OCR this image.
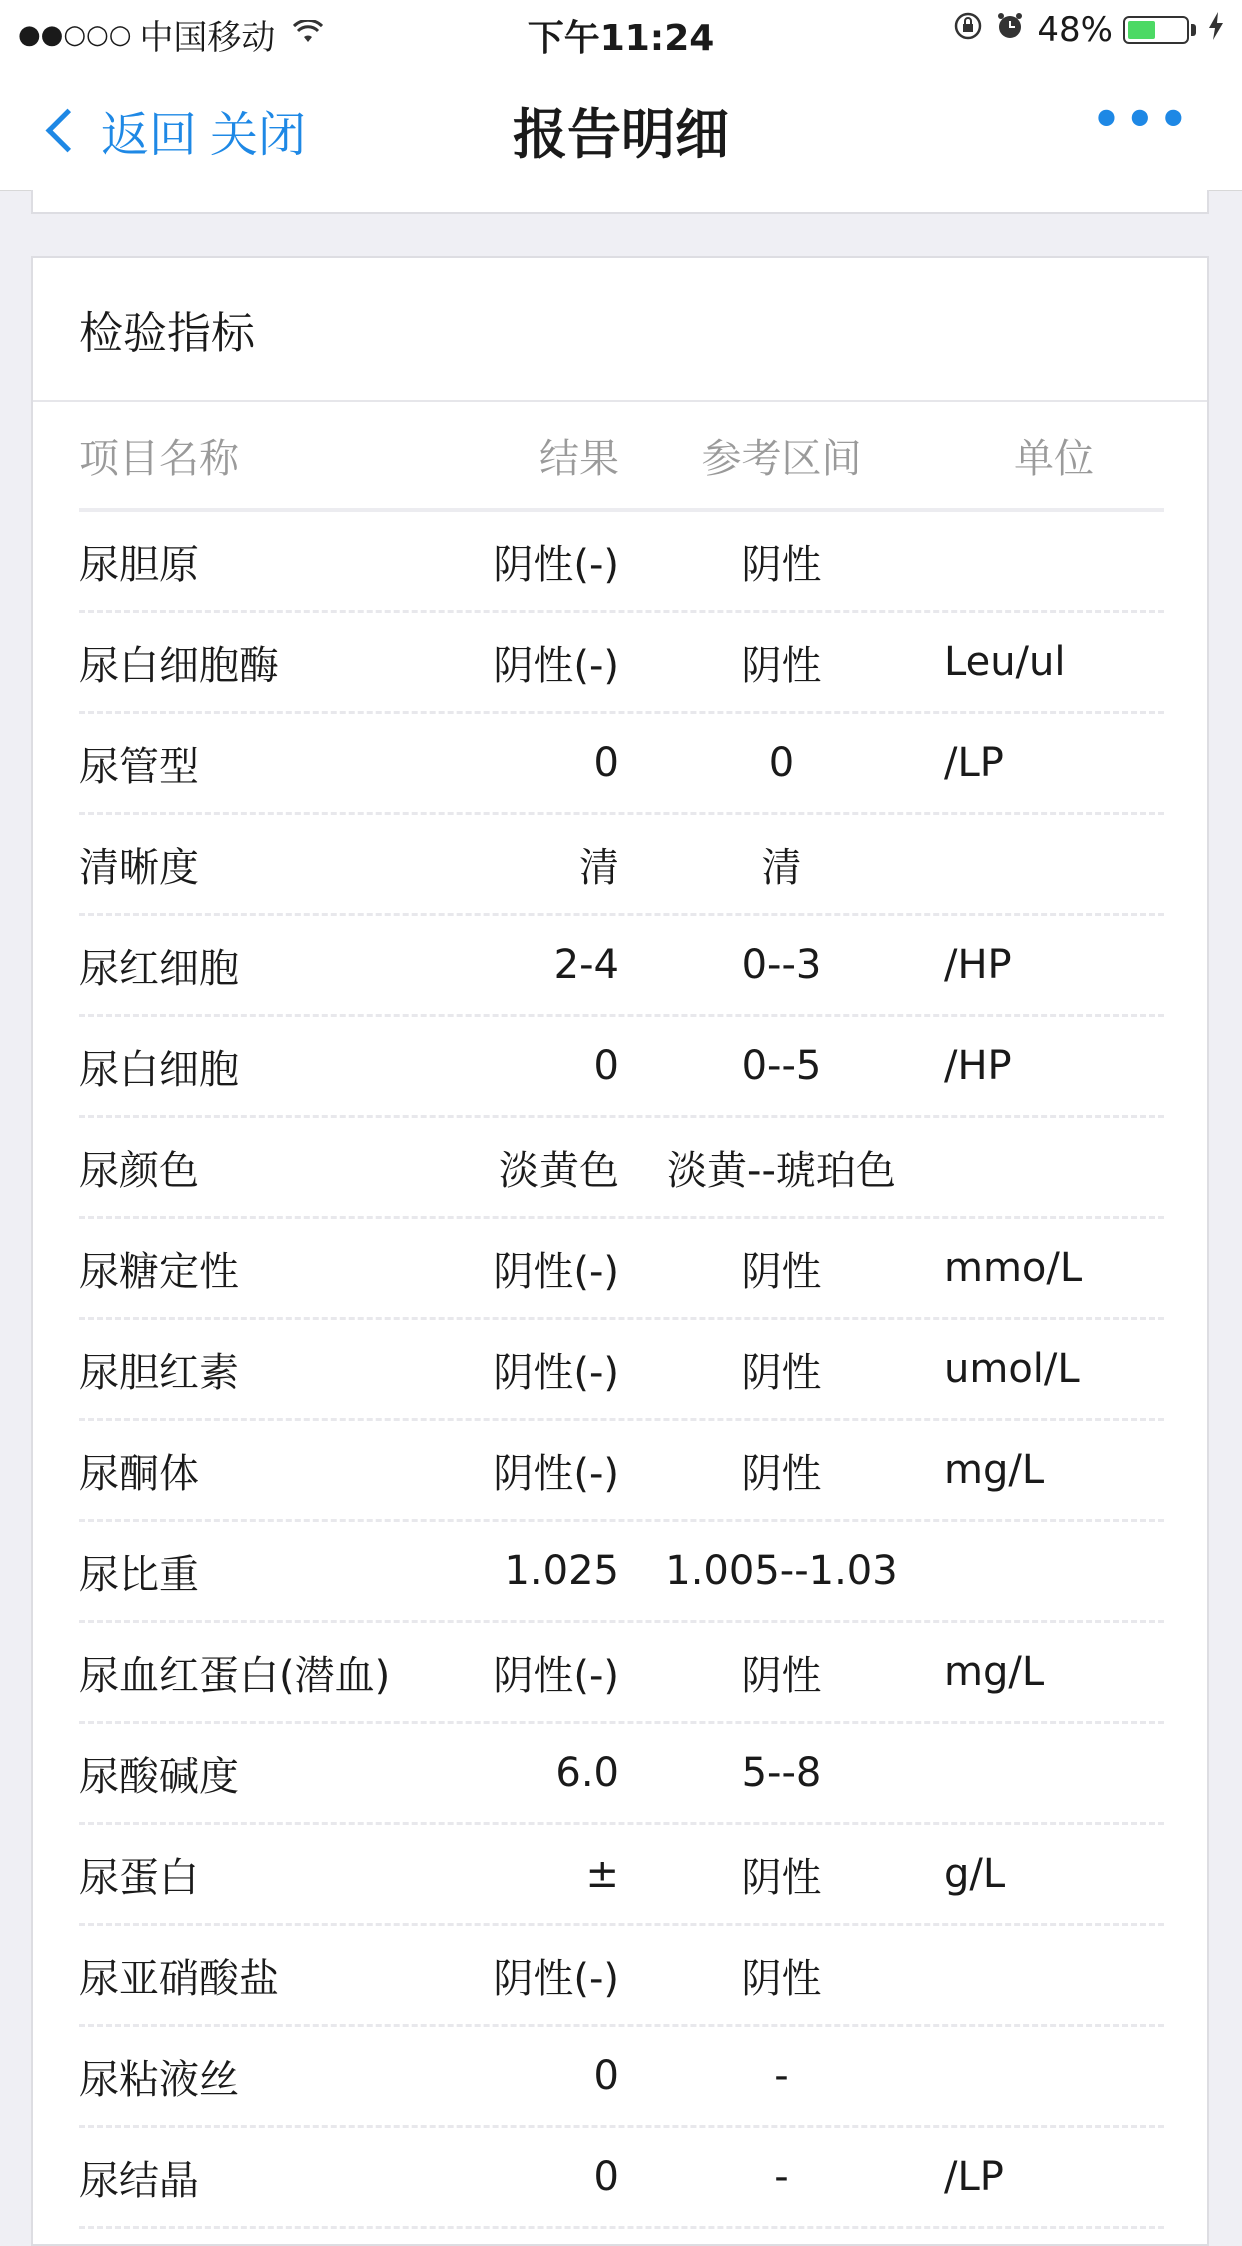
●●○○○ 中国移动	下午11:24	48%
返回 关闭	报告明细	•••
检验指标
项目名称	结果	参考区间	单位
尿胆原	阴性(-)	阴性
尿白细胞酶	阴性(-)	阴性	Leu/ul
尿管型	0	0	/LP
清晰度	清	清
尿红细胞	2-4	0--3	/HP
尿白细胞	0	0--5	/HP
尿颜色	淡黄色	淡黄--琥珀色
尿糖定性	阴性(-)	阴性	mmo/L
尿胆红素	阴性(-)	阴性	umol/L
尿酮体	阴性(-)	阴性	mg/L
尿比重	1.025	1.005--1.03
尿血红蛋白(潜血)	阴性(-)	阴性	mg/L
尿酸碱度	6.0	5--8
尿蛋白	±	阴性	g/L
尿亚硝酸盐	阴性(-)	阴性
尿粘液丝	0	-
尿结晶	0	-	/LP
